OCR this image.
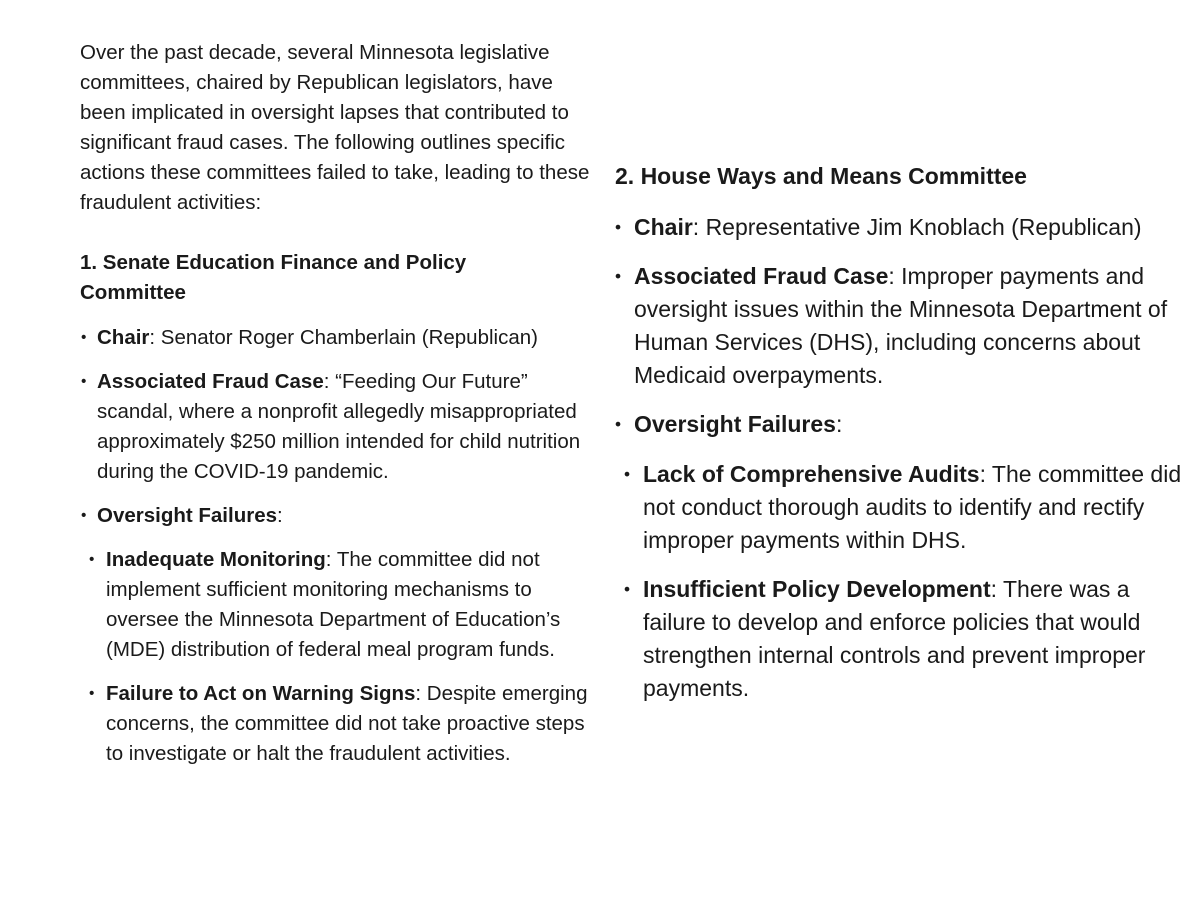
Over the past decade, several Minnesota legislative committees, chaired by Republican legislators, have been implicated in oversight lapses that contributed to significant fraud cases. The following outlines specific actions these committees failed to take, leading to these fraudulent activities:

1. Senate Education Finance and Policy Committee

• Chair: Senator Roger Chamberlain (Republican)
• Associated Fraud Case: “Feeding Our Future” scandal, where a nonprofit allegedly misappropriated approximately $250 million intended for child nutrition during the COVID-19 pandemic.
• Oversight Failures:
• Inadequate Monitoring: The committee did not implement sufficient monitoring mechanisms to oversee the Minnesota Department of Education’s (MDE) distribution of federal meal program funds.
• Failure to Act on Warning Signs: Despite emerging concerns, the committee did not take proactive steps to investigate or halt the fraudulent activities.

2. House Ways and Means Committee

• Chair: Representative Jim Knoblach (Republican)
• Associated Fraud Case: Improper payments and oversight issues within the Minnesota Department of Human Services (DHS), including concerns about Medicaid overpayments.
• Oversight Failures:
• Lack of Comprehensive Audits: The committee did not conduct thorough audits to identify and rectify improper payments within DHS.
• Insufficient Policy Development: There was a failure to develop and enforce policies that would strengthen internal controls and prevent improper payments.
